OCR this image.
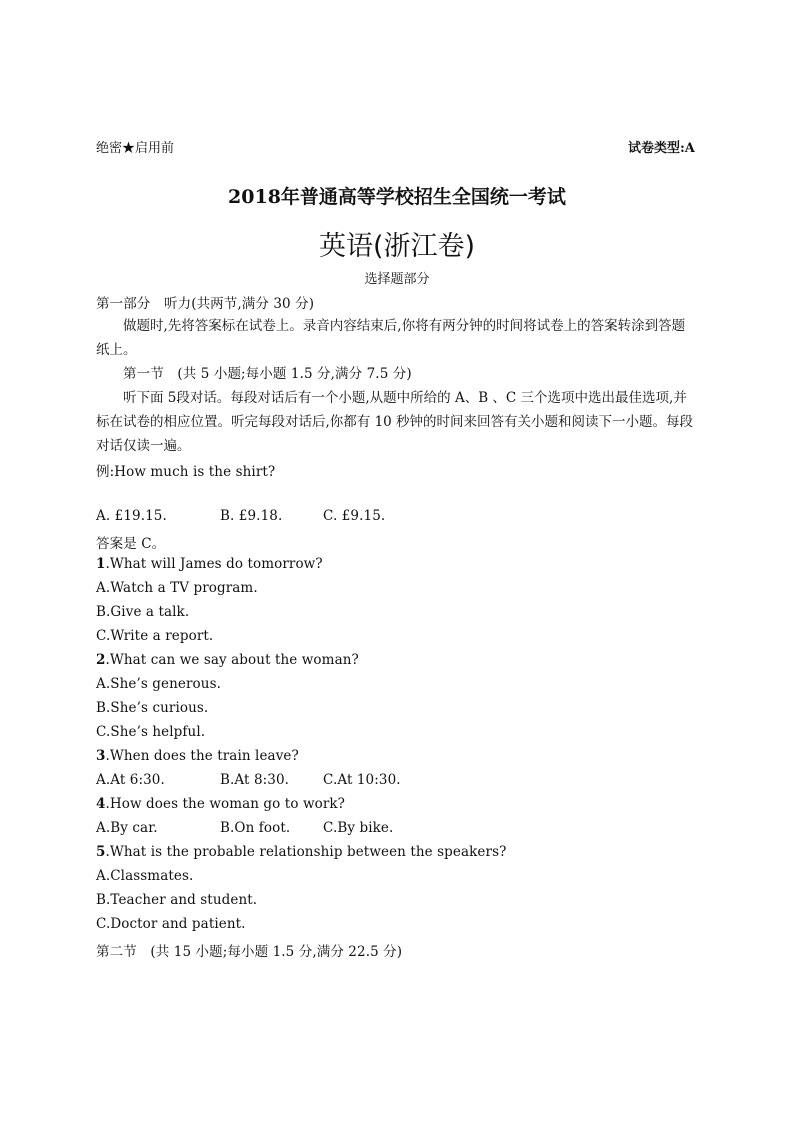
绝密★启用前	试卷类型:A
2018年普通高等学校招生全国统一考试
英语(浙江卷)
选择题部分
第一部分　听力(共两节,满分 30 分)
做题时,先将答案标在试卷上。录音内容结束后,你将有两分钟的时间将试卷上的答案转涂到答题纸上。
第一节　(共 5 小题;每小题 1.5 分,满分 7.5 分)
听下面 5段对话。每段对话后有一个小题,从题中所给的 A、B 、C 三个选项中选出最佳选项,并标在试卷的相应位置。听完每段对话后,你都有 10 秒钟的时间来回答有关小题和阅读下一小题。每段对话仅读一遍。
例:How much is the shirt?
A. £19.15.	B. £9.18.	C. £9.15.
答案是 C。
1.What will James do tomorrow?
A.Watch a TV program.
B.Give a talk.
C.Write a report.
2.What can we say about the woman?
A.She’s generous.
B.She’s curious.
C.She’s helpful.
3.When does the train leave?
A.At 6:30.	B.At 8:30.	C.At 10:30.
4.How does the woman go to work?
A.By car.	B.On foot. C.By bike.
5.What is the probable relationship between the speakers?
A.Classmates.
B.Teacher and student.
C.Doctor and patient.
第二节　(共 15 小题;每小题 1.5 分,满分 22.5 分)
